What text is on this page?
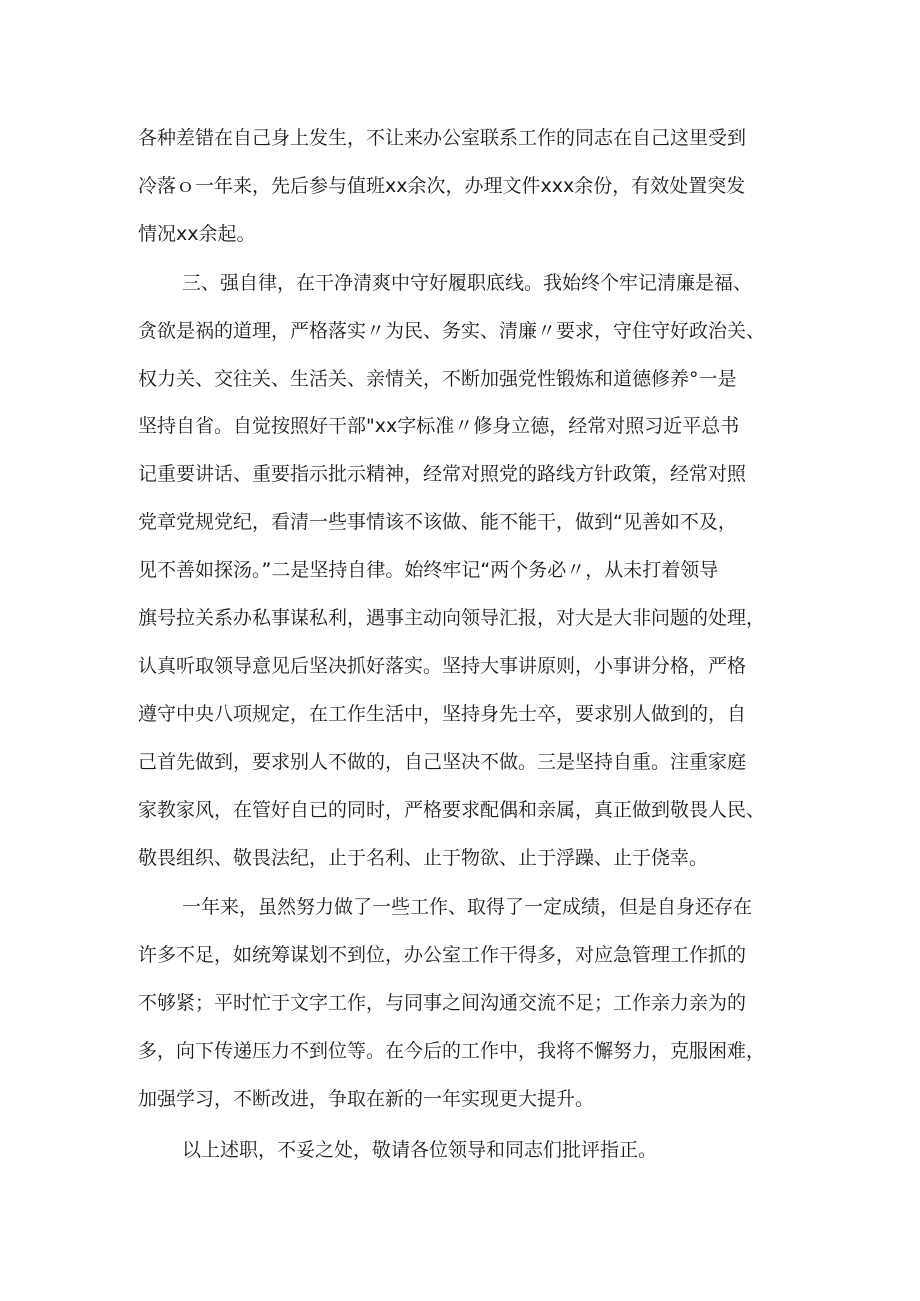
各种差错在自己身上发生，不让来办公室联系工作的同志在自己这里受到
冷落ｏ一年来，先后参与值班xx余次，办理文件xxx余份，有效处置突发
情况xx余起。
三、强自律，在干净清爽中守好履职底线。我始终个牢记清廉是福、
贪欲是祸的道理，严格落实〃为民、务实、清廉〃要求，守住守好政治关、
权力关、交往关、生活关、亲情关，不断加强党性锻炼和道德修养°一是
坚持自省。自觉按照好干部"xx字标准〃修身立德，经常对照习近平总书
记重要讲话、重要指示批示精神，经常对照党的路线方针政策，经常对照
党章党规党纪，看清一些事情该不该做、能不能干，做到“见善如不及，
见不善如探汤。”二是坚持自律。始终牢记“两个务必〃，从未打着领导
旗号拉关系办私事谋私利，遇事主动向领导汇报，对大是大非问题的处理，
认真听取领导意见后坚决抓好落实。坚持大事讲原则，小事讲分格，严格
遵守中央八项规定，在工作生活中，坚持身先士卒，要求别人做到的，自
己首先做到，要求别人不做的，自己坚决不做。三是坚持自重。注重家庭
家教家风，在管好自已的同时，严格要求配偶和亲属，真正做到敬畏人民、
敬畏组织、敬畏法纪，止于名利、止于物欲、止于浮躁、止于侥幸。
一年来，虽然努力做了一些工作、取得了一定成绩，但是自身还存在
许多不足，如统筹谋划不到位，办公室工作干得多，对应急管理工作抓的
不够紧；平时忙于文字工作，与同事之间沟通交流不足；工作亲力亲为的
多，向下传递压力不到位等。在今后的工作中，我将不懈努力，克服困难，
加强学习，不断改进，争取在新的一年实现更大提升。
以上述职，不妥之处，敬请各位领导和同志们批评指正。
